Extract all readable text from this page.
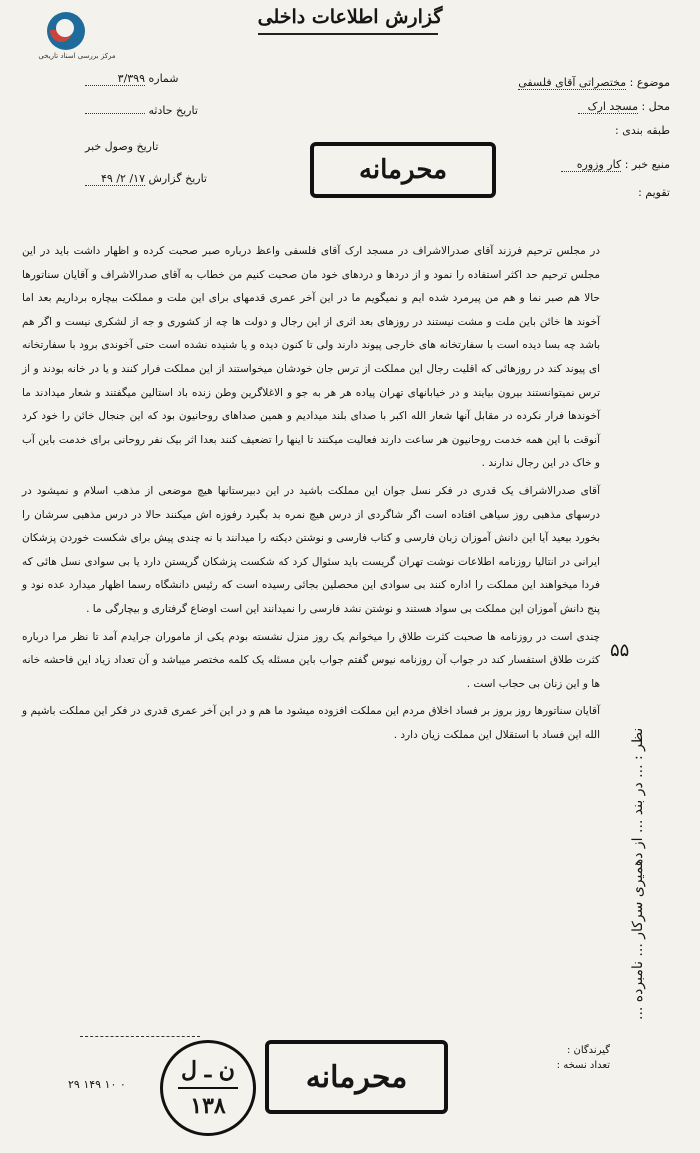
مرکز بررسی اسناد تاریخی
گزارش اطلاعات داخلی
موضوع : مختصراتی آقای فلسفی
محل : مسجد ارک
طبقه بندی :
منبع خبر : کار وزوره
تقویم :
شماره ۳/۳۹۹
تاریخ حادثه
تاریخ وصول خبر
تاریخ گزارش ۱۷/ ۲/ ۴۹	محرمانه

در مجلس ترحیم فرزند آقای صدرالاشراف در مسجد ارک آقای فلسفی واعظ درباره صبر صحبت کرده و اظهار داشت باید در این مجلس ترحیم حد اکثر استفاده را نمود و از دردها و دردهای خود مان صحبت کنیم من خطاب به آقای صدرالاشراف و آقایان سناتورها حالا هم صبر نما و هم من پیرمرد شده ایم و نمیگویم ما در این آخر عمری قدمهای برای این ملت و مملکت بیچاره برداریم بعد اما آخوند ها خائن باین ملت و مشت نیستند در روزهای بعد اثری از این رجال و دولت ها چه از کشوری و جه از لشکری نیست و اگر هم باشد چه بسا دیده است با سفارتخانه های خارجی پیوند دارند ولی تا کنون دیده و یا شنیده نشده است حتی آخوندی برود با سفارتخانه ای پیوند کند در روزهائی که اقلیت رجال این مملکت از ترس جان خودشان میخواستند از این مملکت فرار کنند و یا در خانه بودند و از ترس نمیتوانستند بیرون بیایند و در خیابانهای تهران پیاده هر هر به جو و الاغلاگرین وطن زنده باد استالین میگفتند و شعار میدادند ما آخوندها فرار نکرده در مقابل آنها شعار الله اکبر با صدای بلند میدادیم و همین صداهای روحانیون بود که این جنجال خائن را خود کرد آنوقت با این همه خدمت روحانیون هر ساعت دارند فعالیت میکنند تا اینها را تضعیف کنند بعدا اثر بیک نفر روحانی برای خدمت باین آب و خاک در این رجال ندارند .

آقای صدرالاشراف یک قدری در فکر نسل جوان این مملکت باشید در این دبیرستانها هیچ موضعی از مذهب اسلام و نمیشود در درسهای مذهبی روز سیاهی افتاده است اگر شاگردی از درس هیچ نمره بد بگیرد رفوزه اش میکنند حالا در درس مذهبی سرشان را بخورد بیعید آیا این دانش آموزان زبان فارسی و کتاب فارسی و نوشتن دیکته را میدانند با نه چندی پیش برای شکست خوردن پزشکان ایرانی در انتالیا روزنامه اطلاعات نوشت تهران گریست باید سئوال کرد که شکست پزشکان گریستن دارد یا بی سوادی نسل هائی که فردا میخواهند این مملکت را اداره کنند بی سوادی این محصلین بجائی رسیده است که رئیس دانشگاه رسما اظهار میدارد عده نود و پنج دانش آموزان این مملکت بی سواد هستند و نوشتن نشد فارسی را نمیدانند این است اوضاع گرفتاری و بیچارگی ما .

چندی است در روزنامه ها صحبت کثرت طلاق را میخوانم یک روز منزل نشسته بودم یکی از ماموران جرایدم آمد تا نظر مرا درباره کثرت طلاق استفسار کند در جواب آن روزنامه نیوس گفتم جواب باین مسئله یک کلمه مختصر میباشد و آن تعداد زیاد این فاحشه خانه ها و این زنان بی حجاب است .

آقایان سناتورها روز بروز بر فساد اخلاق مردم این مملکت افزوده میشود ما هم و در این آخر عمری قدری در فکر این مملکت باشیم و الله این فساد با استقلال این مملکت زیان دارد . نظر : ... در بند ... از دهمیری سرکار ... نامبرده ...
۵۵
گیرندگان :
تعداد نسخه :
ن ـ ل
۱۳۸
محرمانه
۲۹ ۱۴۹ ۱۰ ۰
